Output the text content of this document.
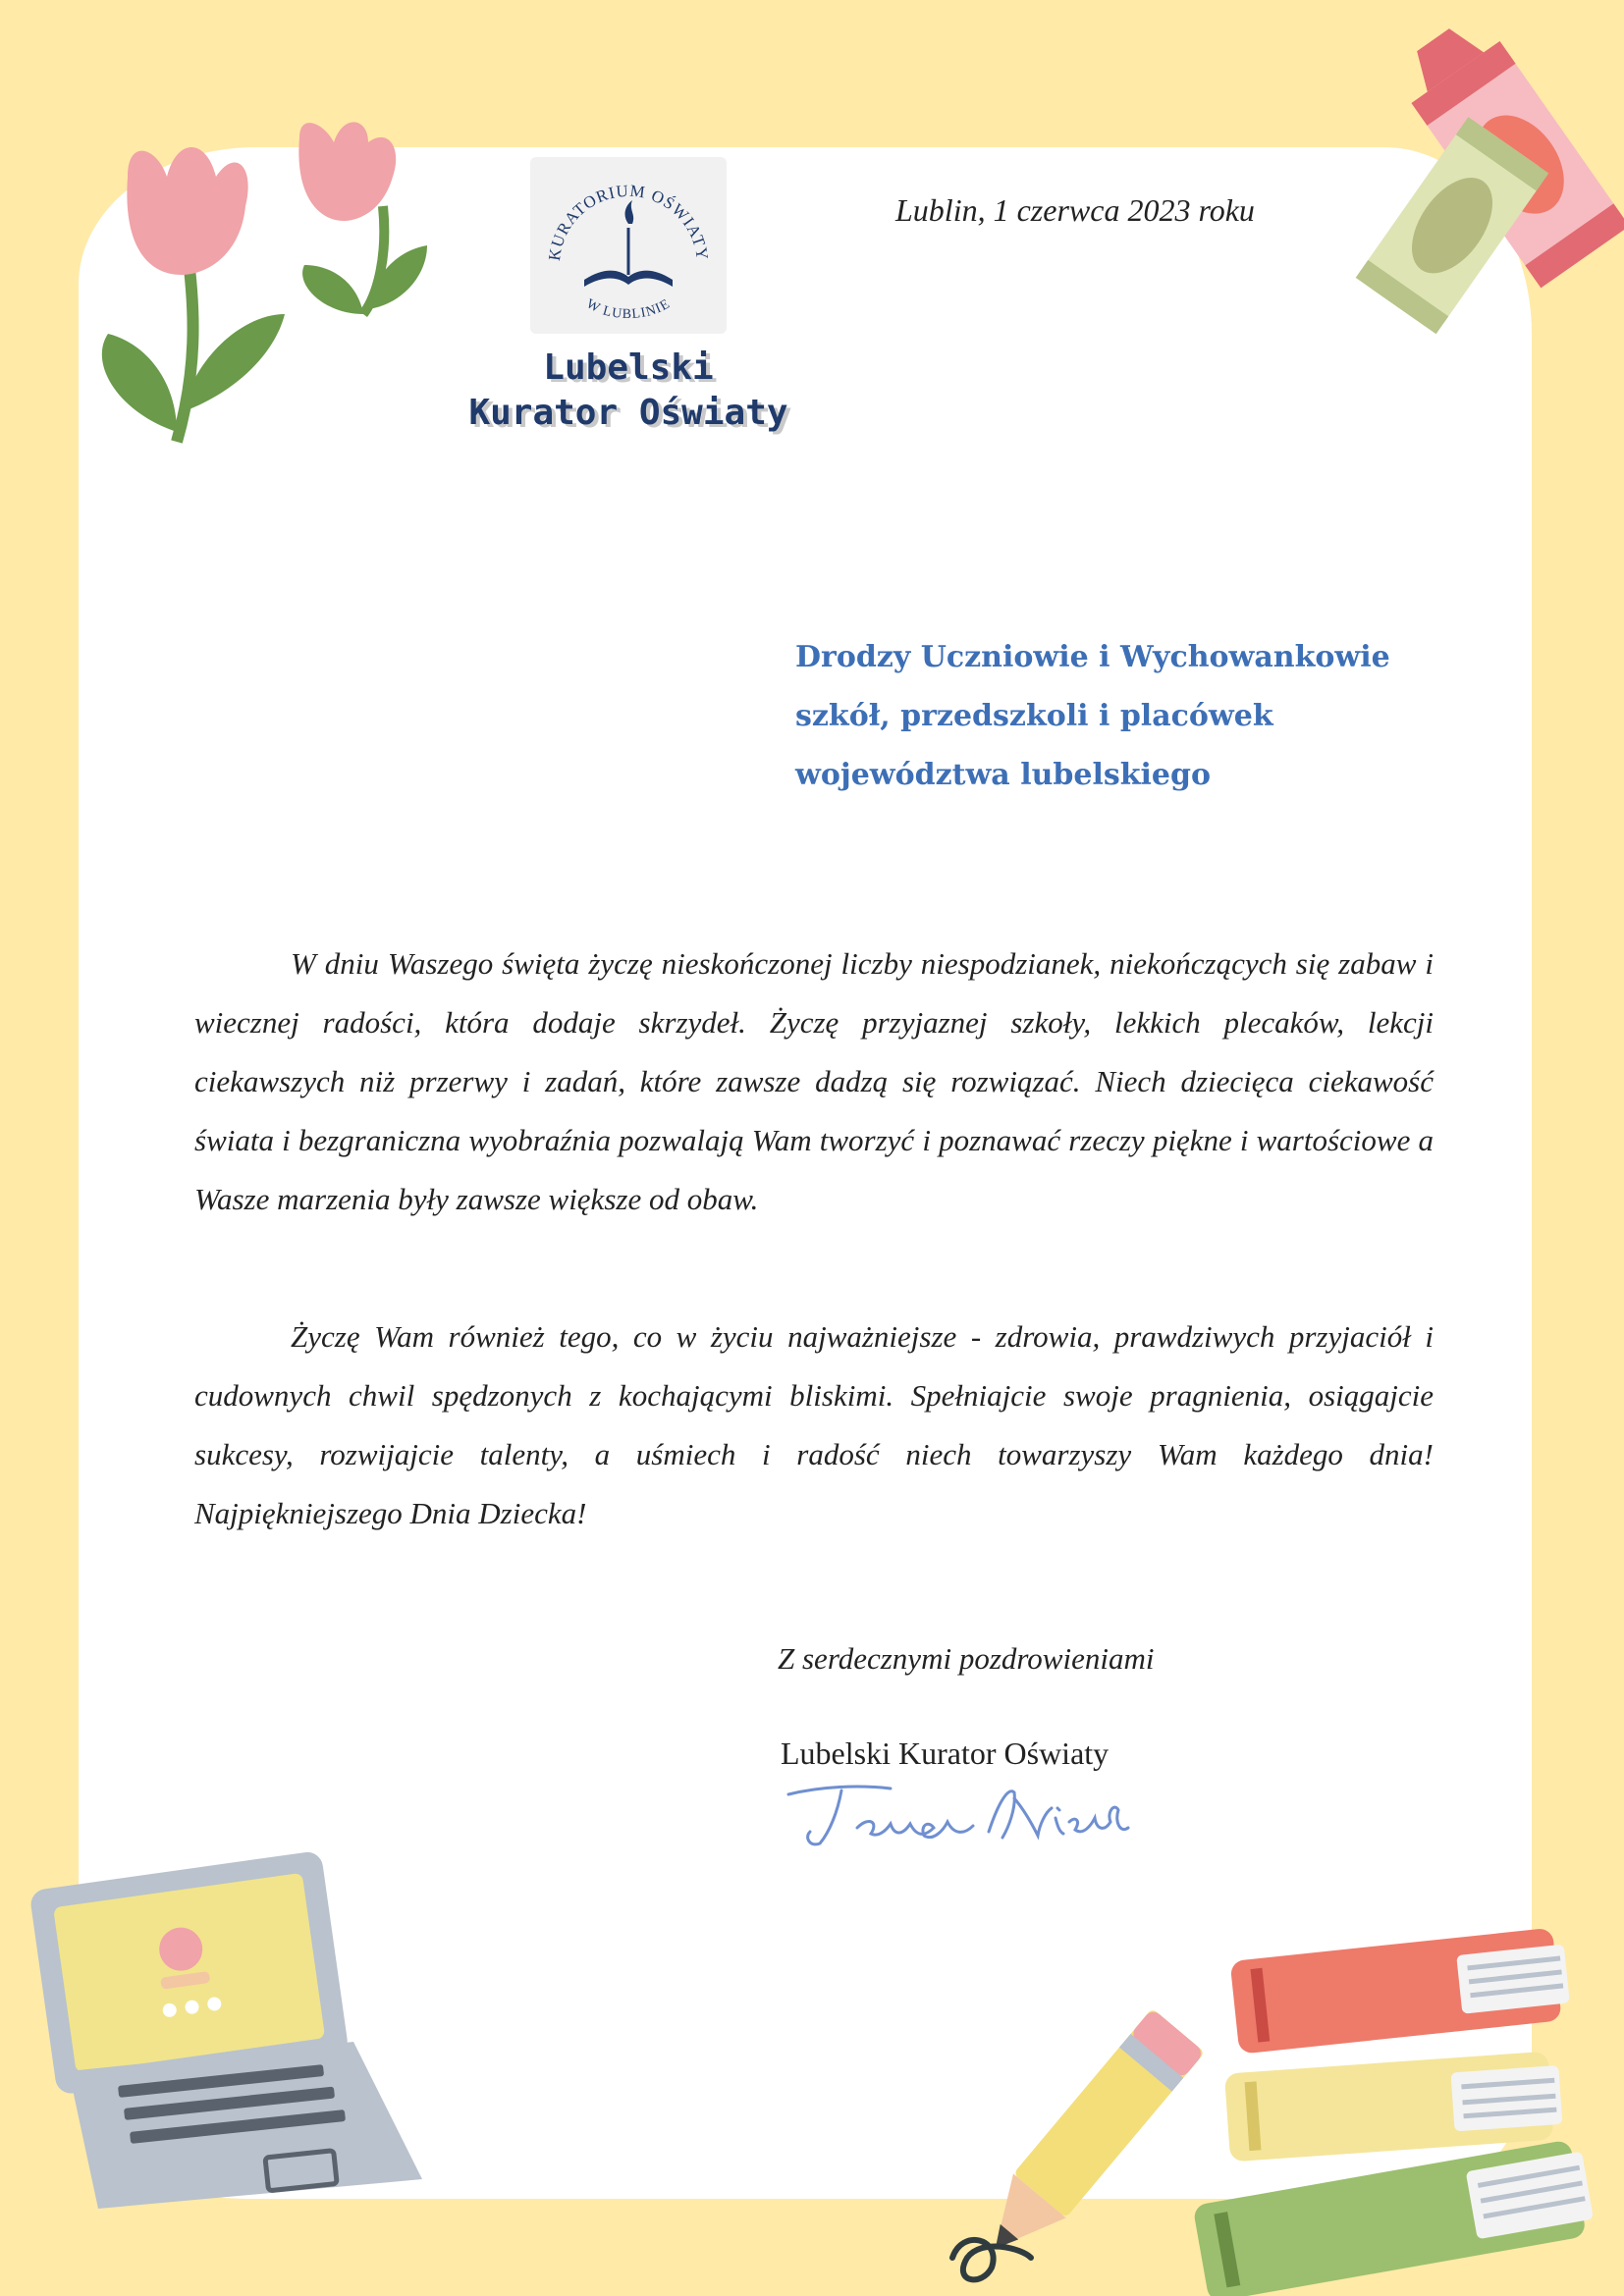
KURATORIUM OŚWIATY
W LUBLINIE
Lubelski
Kurator Oświaty
Lublin, 1 czerwca 2023 roku
Drodzy Uczniowie i Wychowankowie
szkół, przedszkoli i placówek
województwa lubelskiego
W dniu Waszego święta życzę nieskończonej liczby niespodzianek, niekończących się zabaw i wiecznej radości, która dodaje skrzydeł. Życzę przyjaznej szkoły, lekkich plecaków, lekcji ciekawszych niż przerwy i zadań, które zawsze dadzą się rozwiązać. Niech dziecięca ciekawość świata i bezgraniczna wyobraźnia pozwalają Wam tworzyć i poznawać rzeczy piękne i wartościowe a Wasze marzenia były zawsze większe od obaw.
Życzę Wam również tego, co w życiu najważniejsze - zdrowia, prawdziwych przyjaciół i cudownych chwil spędzonych z kochającymi bliskimi. Spełniajcie swoje pragnienia, osiągajcie sukcesy, rozwijajcie talenty, a uśmiech i radość niech towarzyszy Wam każdego dnia! Najpiękniejszego Dnia Dziecka!
Z serdecznymi pozdrowieniami
Lubelski Kurator Oświaty
